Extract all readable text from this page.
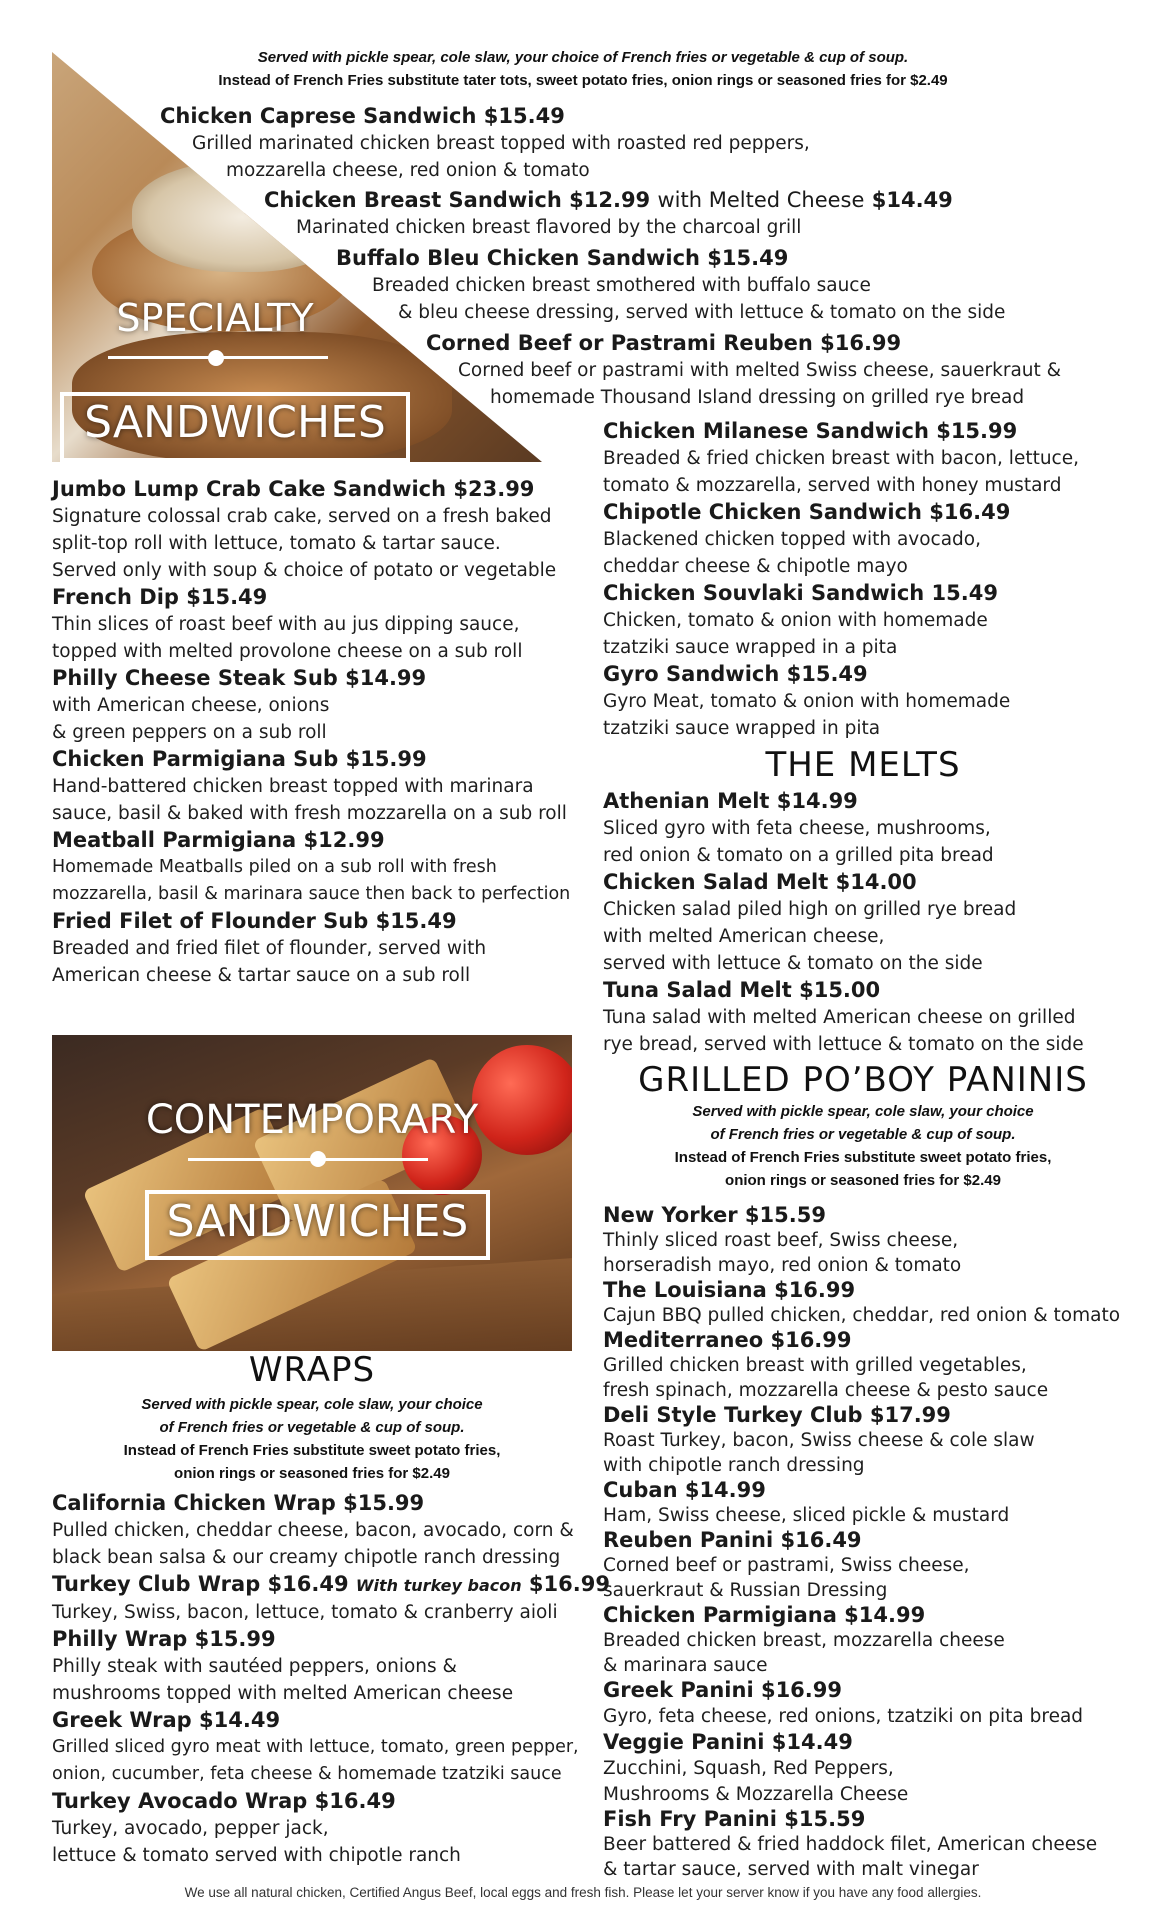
Served with pickle spear, cole slaw, your choice of French fries or vegetable & cup of soup.
Instead of French Fries substitute tater tots, sweet potato fries, onion rings or seasoned fries for $2.49
SPECIALTY
SANDWICHES
Chicken Caprese Sandwich $15.49
Grilled marinated chicken breast topped with roasted red peppers,
mozzarella cheese, red onion & tomato
Chicken Breast Sandwich $12.99 with Melted Cheese $14.49
Marinated chicken breast flavored by the charcoal grill
Buffalo Bleu Chicken Sandwich $15.49
Breaded chicken breast smothered with buffalo sauce
& bleu cheese dressing, served with lettuce & tomato on the side
Corned Beef or Pastrami Reuben $16.99
Corned beef or pastrami with melted Swiss cheese, sauerkraut &
homemade Thousand Island dressing on grilled rye bread
Jumbo Lump Crab Cake Sandwich $23.99
Signature colossal crab cake, served on a fresh baked
split-top roll with lettuce, tomato & tartar sauce.
Served only with soup & choice of potato or vegetable
French Dip $15.49
Thin slices of roast beef with au jus dipping sauce,
topped with melted provolone cheese on a sub roll
Philly Cheese Steak Sub $14.99
with American cheese, onions
& green peppers on a sub roll
Chicken Parmigiana Sub $15.99
Hand-battered chicken breast topped with marinara
sauce, basil & baked with fresh mozzarella on a sub roll
Meatball Parmigiana $12.99
Homemade Meatballs piled on a sub roll with fresh
mozzarella, basil & marinara sauce then back to perfection
Fried Filet of Flounder Sub $15.49
Breaded and fried filet of flounder, served with
American cheese & tartar sauce on a sub roll
Chicken Milanese Sandwich $15.99
Breaded & fried chicken breast with bacon, lettuce,
tomato & mozzarella, served with honey mustard
Chipotle Chicken Sandwich $16.49
Blackened chicken topped with avocado,
cheddar cheese & chipotle mayo
Chicken Souvlaki Sandwich 15.49
Chicken, tomato & onion with homemade
tzatziki sauce wrapped in a pita
Gyro Sandwich $15.49
Gyro Meat, tomato & onion with homemade
tzatziki sauce wrapped in pita
THE MELTS
Athenian Melt $14.99
Sliced gyro with feta cheese, mushrooms,
red onion & tomato on a grilled pita bread
Chicken Salad Melt $14.00
Chicken salad piled high on grilled rye bread
with melted American cheese,
served with lettuce & tomato on the side
Tuna Salad Melt $15.00
Tuna salad with melted American cheese on grilled
rye bread, served with lettuce & tomato on the side
CONTEMPORARY
SANDWICHES
GRILLED PO’BOY PANINIS
Served with pickle spear, cole slaw, your choice
of French fries or vegetable & cup of soup.
Instead of French Fries substitute sweet potato fries,
onion rings or seasoned fries for $2.49
New Yorker $15.59
Thinly sliced roast beef, Swiss cheese,
horseradish mayo, red onion & tomato
The Louisiana $16.99
Cajun BBQ pulled chicken, cheddar, red onion & tomato
Mediterraneo $16.99
Grilled chicken breast with grilled vegetables,
fresh spinach, mozzarella cheese & pesto sauce
Deli Style Turkey Club $17.99
Roast Turkey, bacon, Swiss cheese & cole slaw
with chipotle ranch dressing
Cuban $14.99
Ham, Swiss cheese, sliced pickle & mustard
Reuben Panini $16.49
Corned beef or pastrami, Swiss cheese,
sauerkraut & Russian Dressing
Chicken Parmigiana $14.99
Breaded chicken breast, mozzarella cheese
& marinara sauce
Greek Panini $16.99
Gyro, feta cheese, red onions, tzatziki on pita bread
Veggie Panini $14.49
Zucchini, Squash, Red Peppers,
Mushrooms & Mozzarella Cheese
Fish Fry Panini $15.59
Beer battered & fried haddock filet, American cheese
& tartar sauce, served with malt vinegar
WRAPS
Served with pickle spear, cole slaw, your choice
of French fries or vegetable & cup of soup.
Instead of French Fries substitute sweet potato fries,
onion rings or seasoned fries for $2.49
California Chicken Wrap $15.99
Pulled chicken, cheddar cheese, bacon, avocado, corn &
black bean salsa & our creamy chipotle ranch dressing
Turkey Club Wrap $16.49 With turkey bacon $16.99
Turkey, Swiss, bacon, lettuce, tomato & cranberry aioli
Philly Wrap $15.99
Philly steak with sautéed peppers, onions &
mushrooms topped with melted American cheese
Greek Wrap $14.49
Grilled sliced gyro meat with lettuce, tomato, green pepper,
onion, cucumber, feta cheese & homemade tzatziki sauce
Turkey Avocado Wrap $16.49
Turkey, avocado, pepper jack,
lettuce & tomato served with chipotle ranch
We use all natural chicken, Certified Angus Beef, local eggs and fresh fish. Please let your server know if you have any food allergies.
